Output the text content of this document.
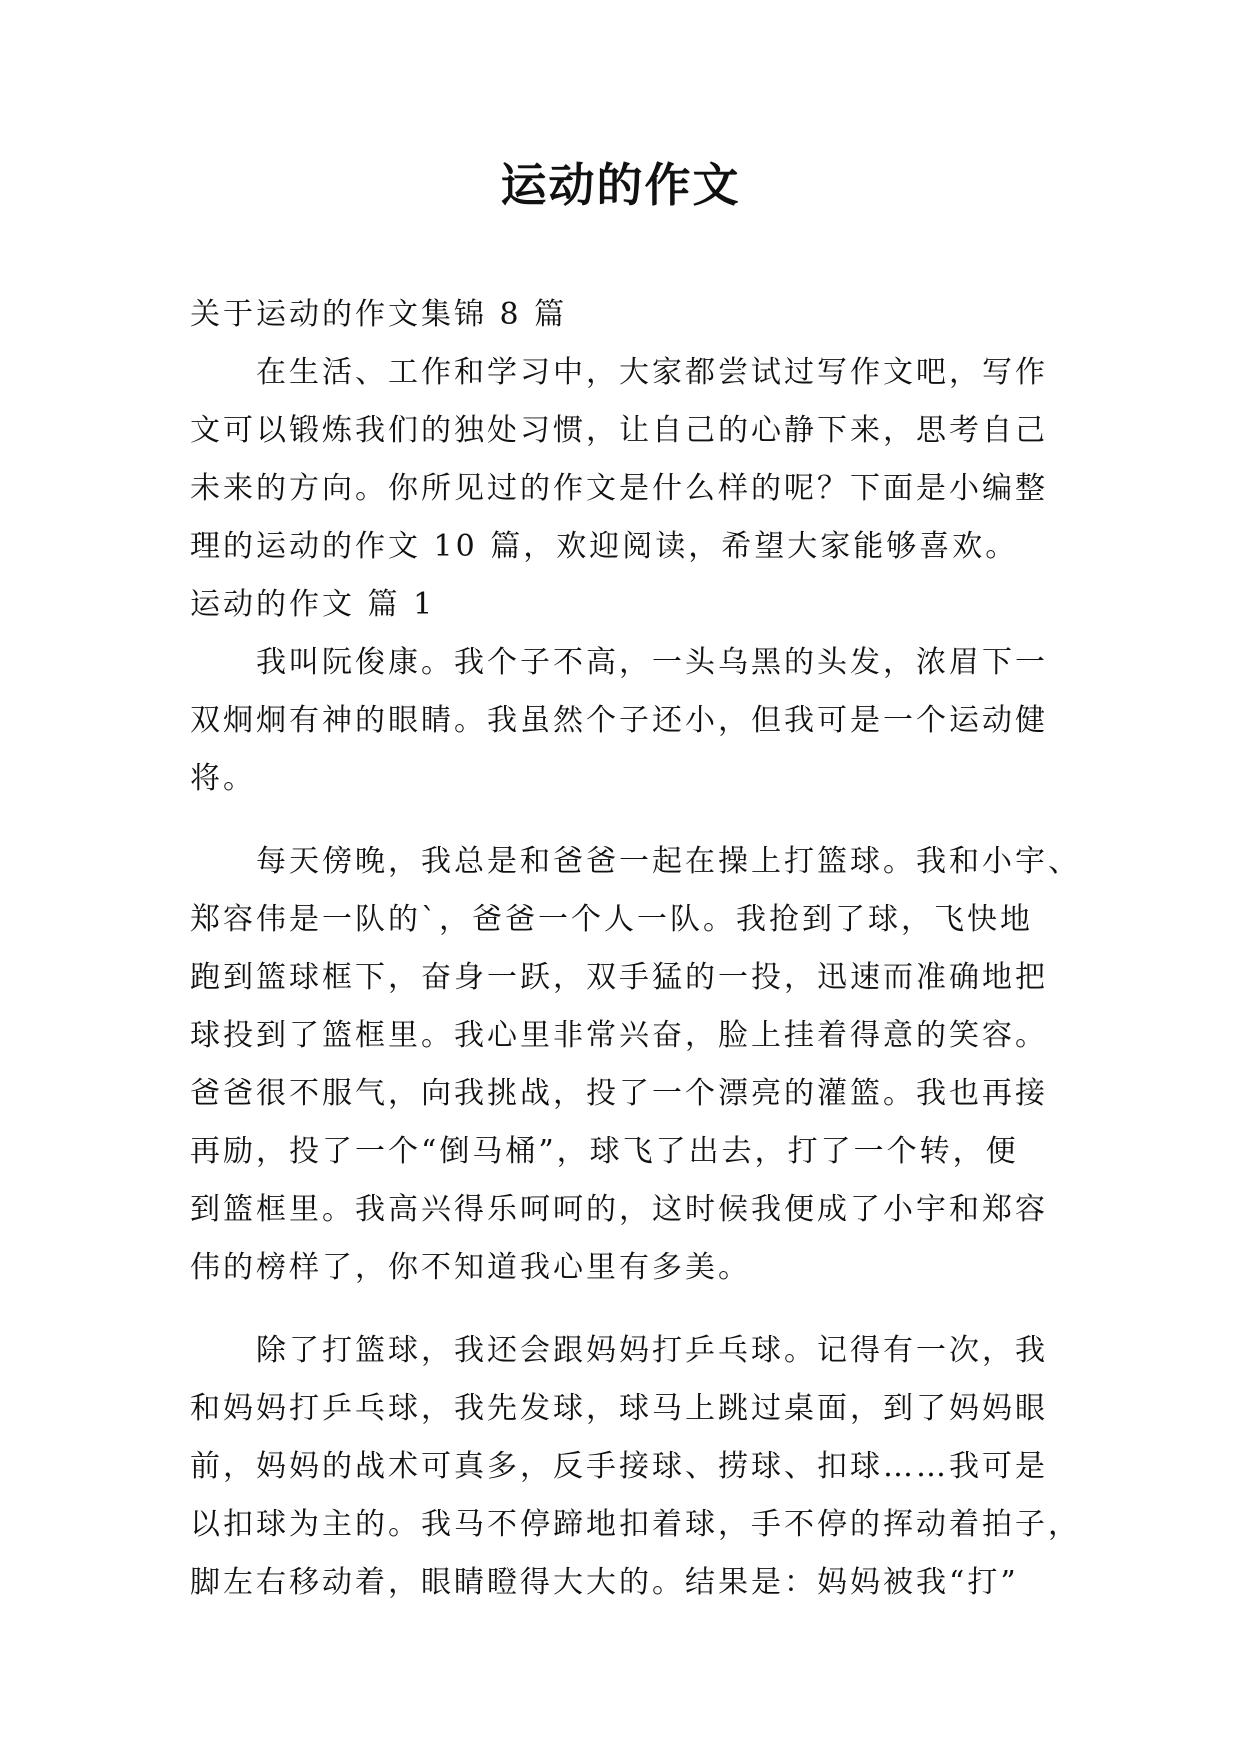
运动的作文
关于运动的作文集锦 8 篇
在生活、工作和学习中，大家都尝试过写作文吧，写作
文可以锻炼我们的独处习惯，让自己的心静下来，思考自己
未来的方向。你所见过的作文是什么样的呢？下面是小编整
理的运动的作文 10 篇，欢迎阅读，希望大家能够喜欢。
运动的作文 篇 1
我叫阮俊康。我个子不高，一头乌黑的头发，浓眉下一
双炯炯有神的眼睛。我虽然个子还小，但我可是一个运动健
将。
每天傍晚，我总是和爸爸一起在操上打篮球。我和小宇、
郑容伟是一队的`，爸爸一个人一队。我抢到了球，飞快地
跑到篮球框下，奋身一跃，双手猛的一投，迅速而准确地把
球投到了篮框里。我心里非常兴奋，脸上挂着得意的笑容。
爸爸很不服气，向我挑战，投了一个漂亮的灌篮。我也再接
再励，投了一个“倒马桶”，球飞了出去，打了一个转，便
到篮框里。我高兴得乐呵呵的，这时候我便成了小宇和郑容
伟的榜样了，你不知道我心里有多美。
除了打篮球，我还会跟妈妈打乒乓球。记得有一次，我
和妈妈打乒乓球，我先发球，球马上跳过桌面，到了妈妈眼
前，妈妈的战术可真多，反手接球、捞球、扣球……我可是
以扣球为主的。我马不停蹄地扣着球，手不停的挥动着拍子，
脚左右移动着，眼睛瞪得大大的。结果是：妈妈被我“打”
